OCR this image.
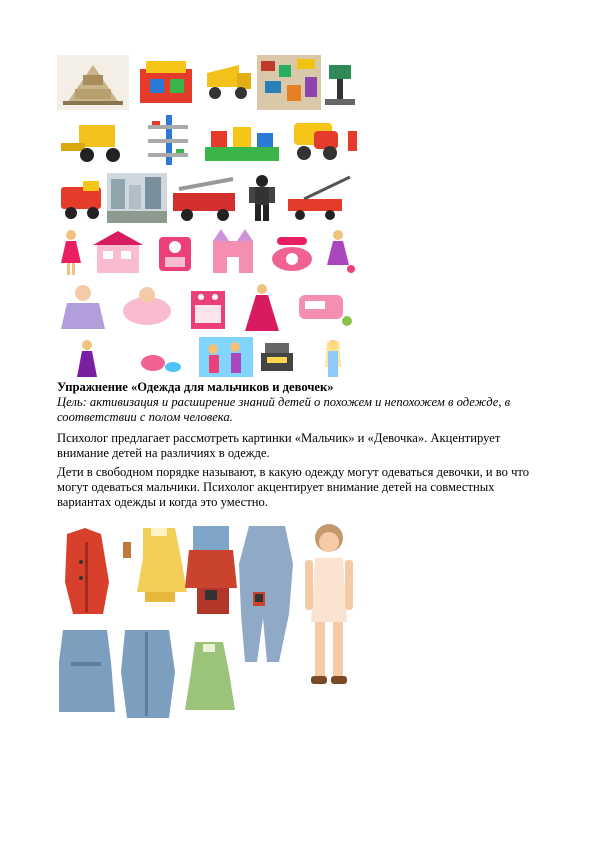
Упражнение «Одежда для мальчиков и девочек»
Цель: активизация и расширение знаний детей о похожем и непохожем в одежде, в соответствии с полом человека.
Психолог предлагает рассмотреть картинки «Мальчик» и «Девочка». Акцентирует внимание детей на различиях в одежде.
Дети в свободном порядке называют, в какую одежду могут одеваться девочки, и во что могут одеваться мальчики. Психолог акцентирует внимание детей на совместных вариантах одежды и когда это уместно.
